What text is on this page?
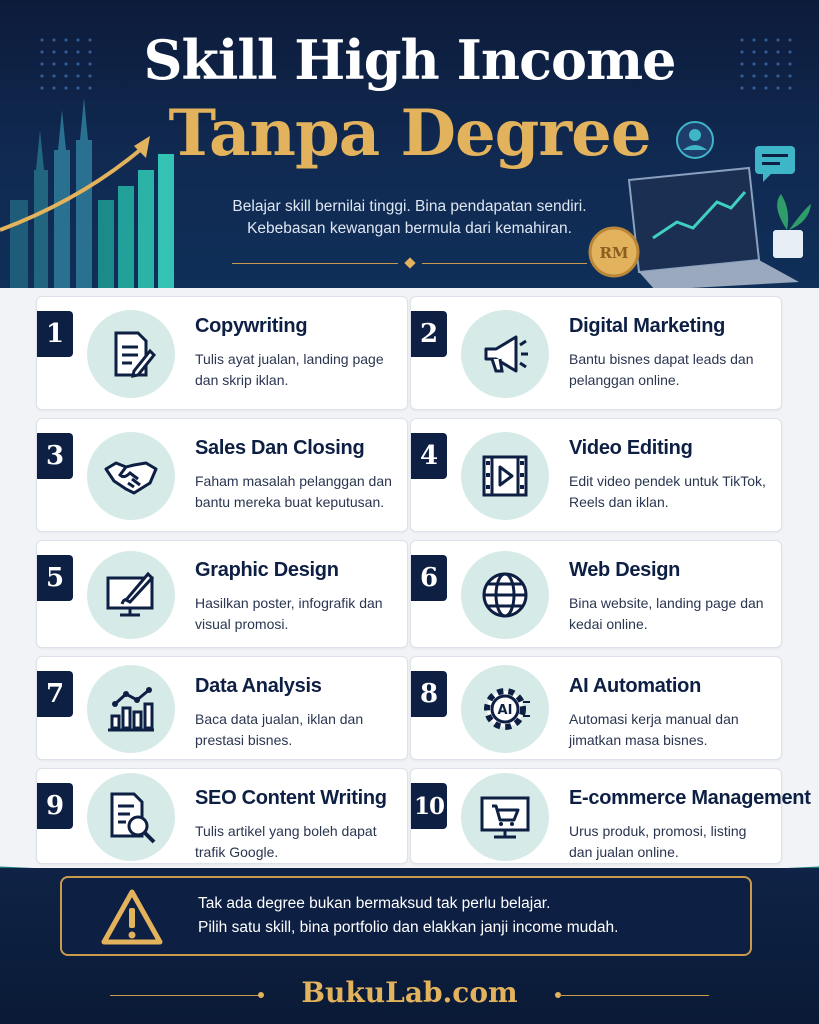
Skill High Income
Tanpa Degree
Belajar skill bernilai tinggi. Bina pendapatan sendiri.
Kebebasan kewangan bermula dari kemahiran.
RM
1	Copywriting
Tulis ayat jualan, landing page dan skrip iklan.
2	Digital Marketing
Bantu bisnes dapat leads dan pelanggan online.
3	Sales Dan Closing
Faham masalah pelanggan dan bantu mereka buat keputusan.
4	Video Editing
Edit video pendek untuk TikTok, Reels dan iklan.
5	Graphic Design
Hasilkan poster, infografik dan visual promosi.
6	Web Design
Bina website, landing page dan kedai online.
7	Data Analysis
Baca data jualan, iklan dan prestasi bisnes.
8
AI
AI Automation
Automasi kerja manual dan jimatkan masa bisnes.
9	SEO Content Writing
Tulis artikel yang boleh dapat trafik Google.
10	E-commerce Management
Urus produk, promosi, listing dan jualan online.
Tak ada degree bukan bermaksud tak perlu belajar.
Pilih satu skill, bina portfolio dan elakkan janji income mudah.
BukuLab.com
